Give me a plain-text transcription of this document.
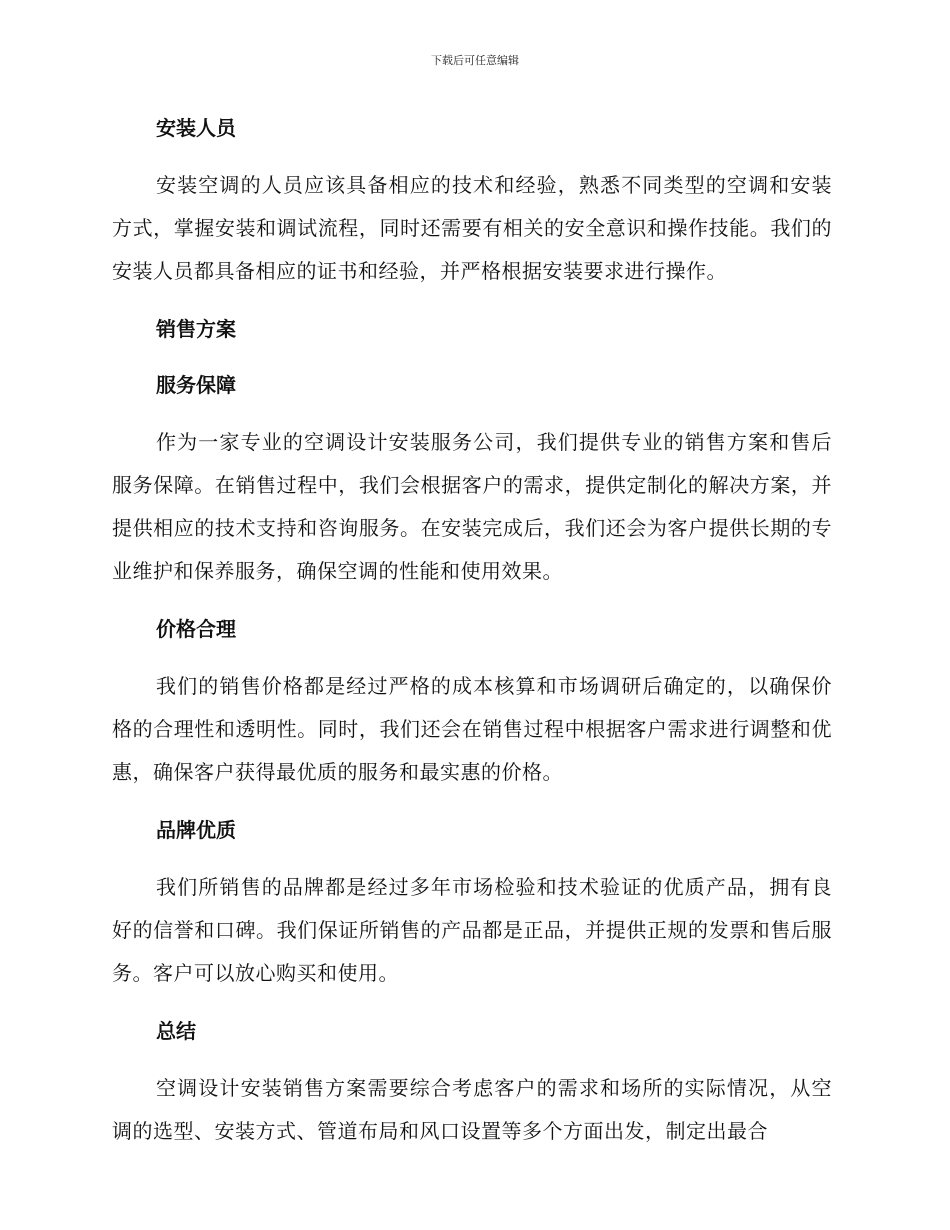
下载后可任意编辑
安装人员

安装空调的人员应该具备相应的技术和经验，熟悉不同类型的空调和安装方式，掌握安装和调试流程，同时还需要有相关的安全意识和操作技能。我们的安装人员都具备相应的证书和经验，并严格根据安装要求进行操作。

销售方案
服务保障

作为一家专业的空调设计安装服务公司，我们提供专业的销售方案和售后服务保障。在销售过程中，我们会根据客户的需求，提供定制化的解决方案，并提供相应的技术支持和咨询服务。在安装完成后，我们还会为客户提供长期的专业维护和保养服务，确保空调的性能和使用效果。

价格合理

我们的销售价格都是经过严格的成本核算和市场调研后确定的，以确保价格的合理性和透明性。同时，我们还会在销售过程中根据客户需求进行调整和优惠，确保客户获得最优质的服务和最实惠的价格。

品牌优质

我们所销售的品牌都是经过多年市场检验和技术验证的优质产品，拥有良好的信誉和口碑。我们保证所销售的产品都是正品，并提供正规的发票和售后服务。客户可以放心购买和使用。

总结

空调设计安装销售方案需要综合考虑客户的需求和场所的实际情况，从空调的选型、安装方式、管道布局和风口设置等多个方面出发，制定出最合
